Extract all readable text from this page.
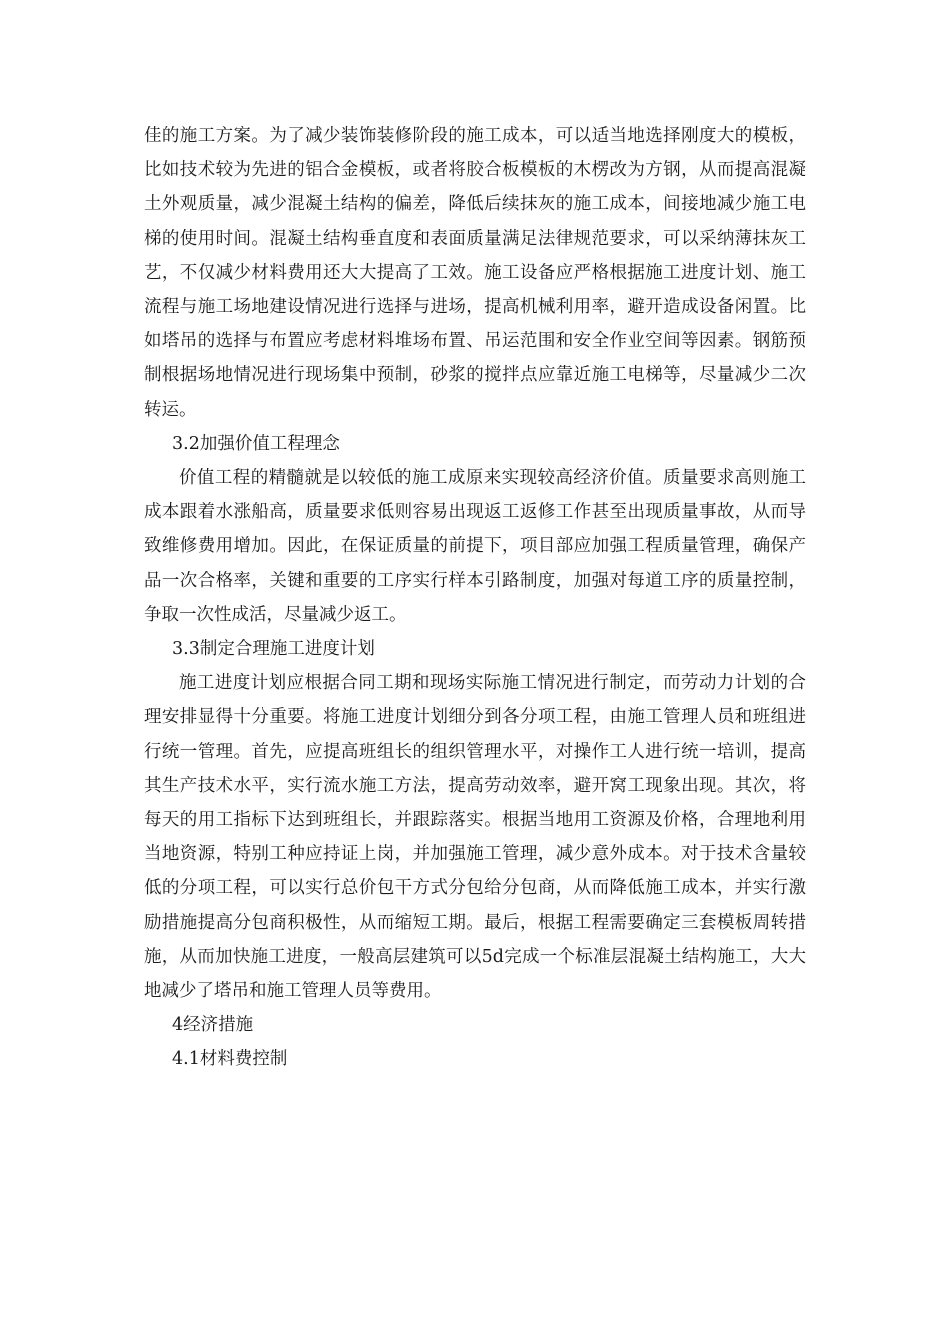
佳的施工方案。为了减少装饰装修阶段的施工成本，可以适当地选择刚度大的模板，比如技术较为先进的铝合金模板，或者将胶合板模板的木楞改为方钢，从而提高混凝土外观质量，减少混凝土结构的偏差，降低后续抹灰的施工成本，间接地减少施工电梯的使用时间。混凝土结构垂直度和表面质量满足法律规范要求，可以采纳薄抹灰工艺，不仅减少材料费用还大大提高了工效。施工设备应严格根据施工进度计划、施工流程与施工场地建设情况进行选择与进场，提高机械利用率，避开造成设备闲置。比如塔吊的选择与布置应考虑材料堆场布置、吊运范围和安全作业空间等因素。钢筋预制根据场地情况进行现场集中预制，砂浆的搅拌点应靠近施工电梯等，尽量减少二次转运。

3.2加强价值工程理念

价值工程的精髓就是以较低的施工成原来实现较高经济价值。质量要求高则施工成本跟着水涨船高，质量要求低则容易出现返工返修工作甚至出现质量事故，从而导致维修费用增加。因此，在保证质量的前提下，项目部应加强工程质量管理，确保产品一次合格率，关键和重要的工序实行样本引路制度，加强对每道工序的质量控制，争取一次性成活，尽量减少返工。

3.3制定合理施工进度计划

施工进度计划应根据合同工期和现场实际施工情况进行制定，而劳动力计划的合理安排显得十分重要。将施工进度计划细分到各分项工程，由施工管理人员和班组进行统一管理。首先，应提高班组长的组织管理水平，对操作工人进行统一培训，提高其生产技术水平，实行流水施工方法，提高劳动效率，避开窝工现象出现。其次，将每天的用工指标下达到班组长，并跟踪落实。根据当地用工资源及价格，合理地利用当地资源，特别工种应持证上岗，并加强施工管理，减少意外成本。对于技术含量较低的分项工程，可以实行总价包干方式分包给分包商，从而降低施工成本，并实行激励措施提高分包商积极性，从而缩短工期。最后，根据工程需要确定三套模板周转措施，从而加快施工进度，一般高层建筑可以5d完成一个标准层混凝土结构施工，大大地减少了塔吊和施工管理人员等费用。

4经济措施

4.1材料费控制
